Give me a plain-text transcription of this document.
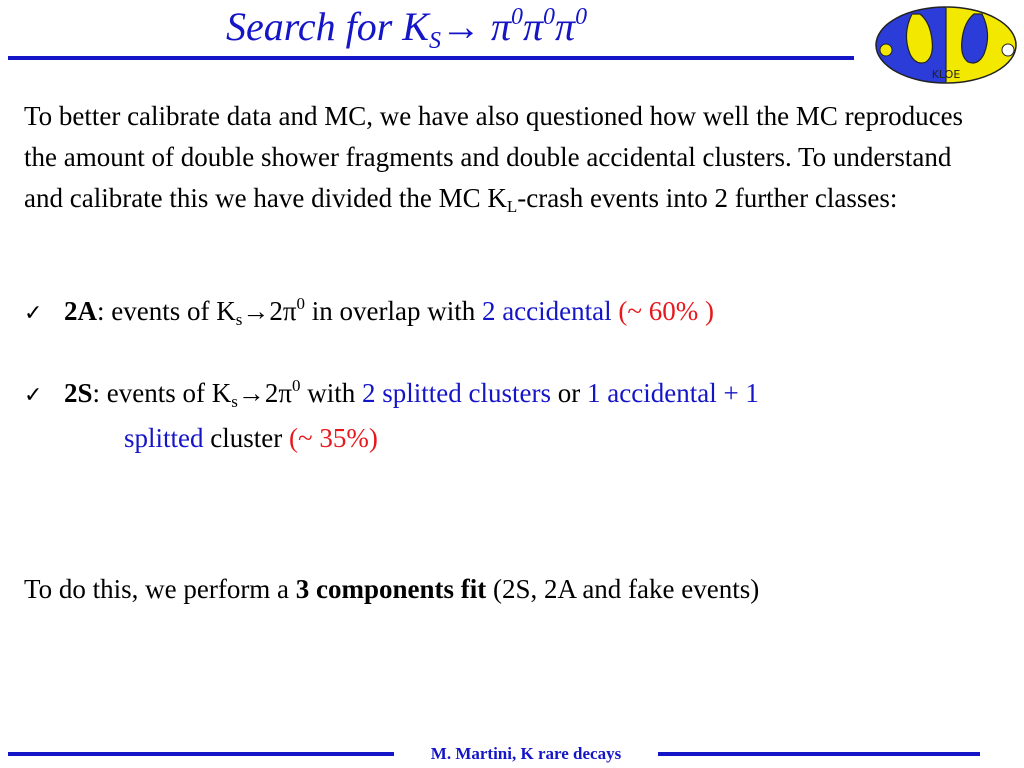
Search for $K_S\to \pi^0\pi^0\pi^0$
KLOE
To better calibrate data and MC, we have also questioned how well the MC reproduces the amount of double shower fragments and double accidental clusters. To understand and calibrate this we have divided the MC $K_L$-crash events into 2 further classes:
✓ 2A: events of $K_s\to 2\pi^0$ in overlap with 2 accidental (~ 60% )
✓ 2S: events of $K_s\to 2\pi^0$ with 2 splitted clusters or 1 accidental + 1
splitted cluster (~ 35%)
To do this, we perform a 3 components fit (2S, 2A and fake events)
M. Martini, K rare decays
